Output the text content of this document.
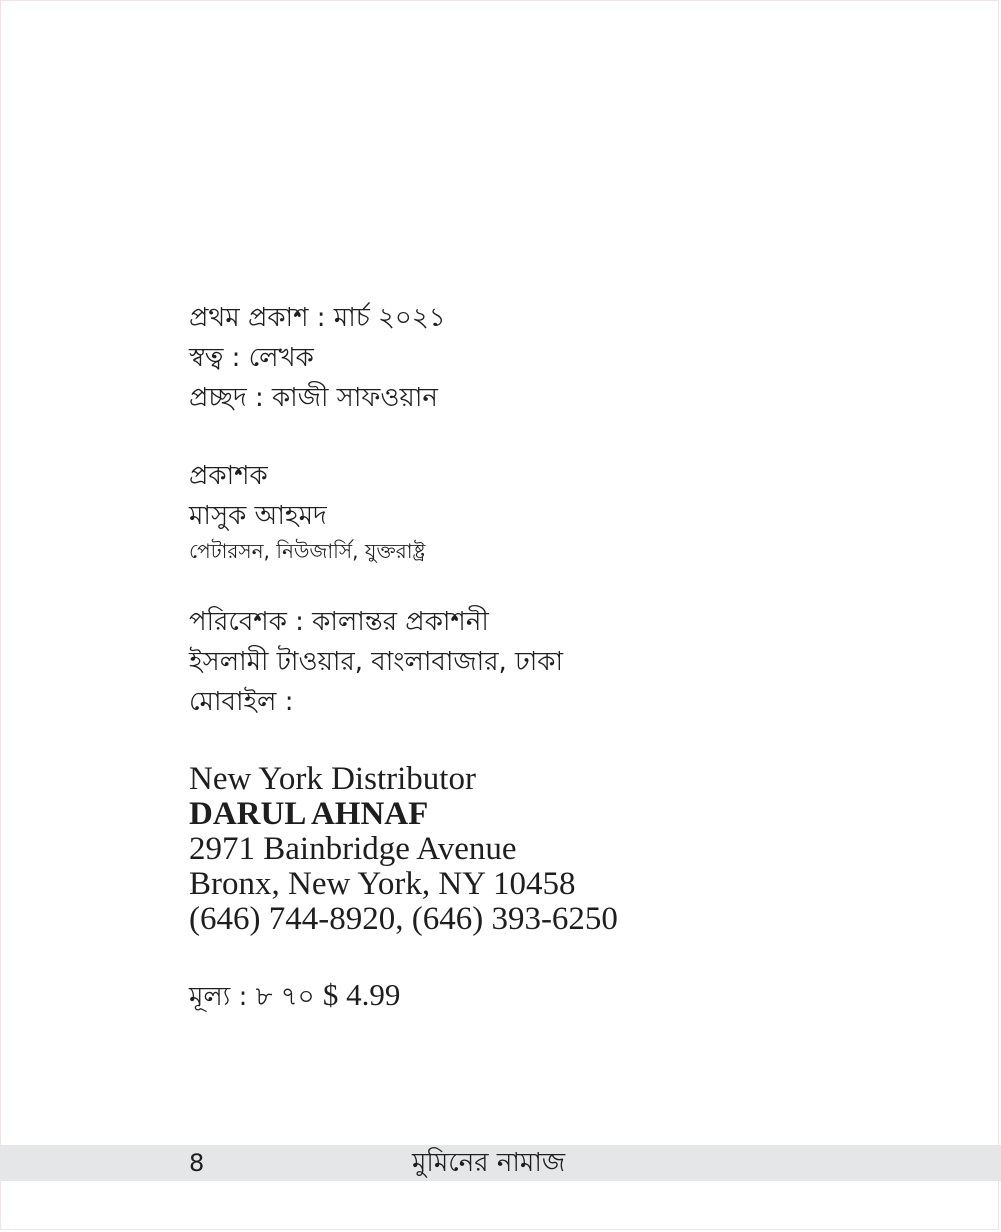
প্রথম প্রকাশ : মার্চ ২০২১
স্বত্ব : লেখক
প্রচ্ছদ : কাজী সাফওয়ান
প্রকাশক
মাসুক আহমদ
পেটারসন, নিউজার্সি, যুক্তরাষ্ট্র
পরিবেশক : কালান্তর প্রকাশনী
ইসলামী টাওয়ার, বাংলাবাজার, ঢাকা
মোবাইল :
New York Distributor
DARUL AHNAF
2971 Bainbridge Avenue
Bronx, New York, NY 10458
(646) 744-8920, (646) 393-6250
মূল্য : ৮ ৭০ $ 4.99
8	মুমিনের নামাজ
